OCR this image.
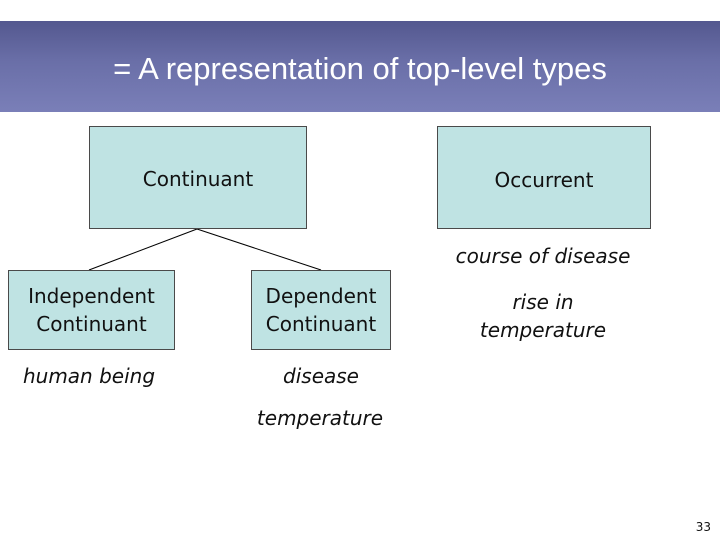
= A representation of top-level types
Continuant	Occurrent
Independent
Continuant
Dependent
Continuant
course of disease
rise in
temperature
human being	disease
temperature
33
